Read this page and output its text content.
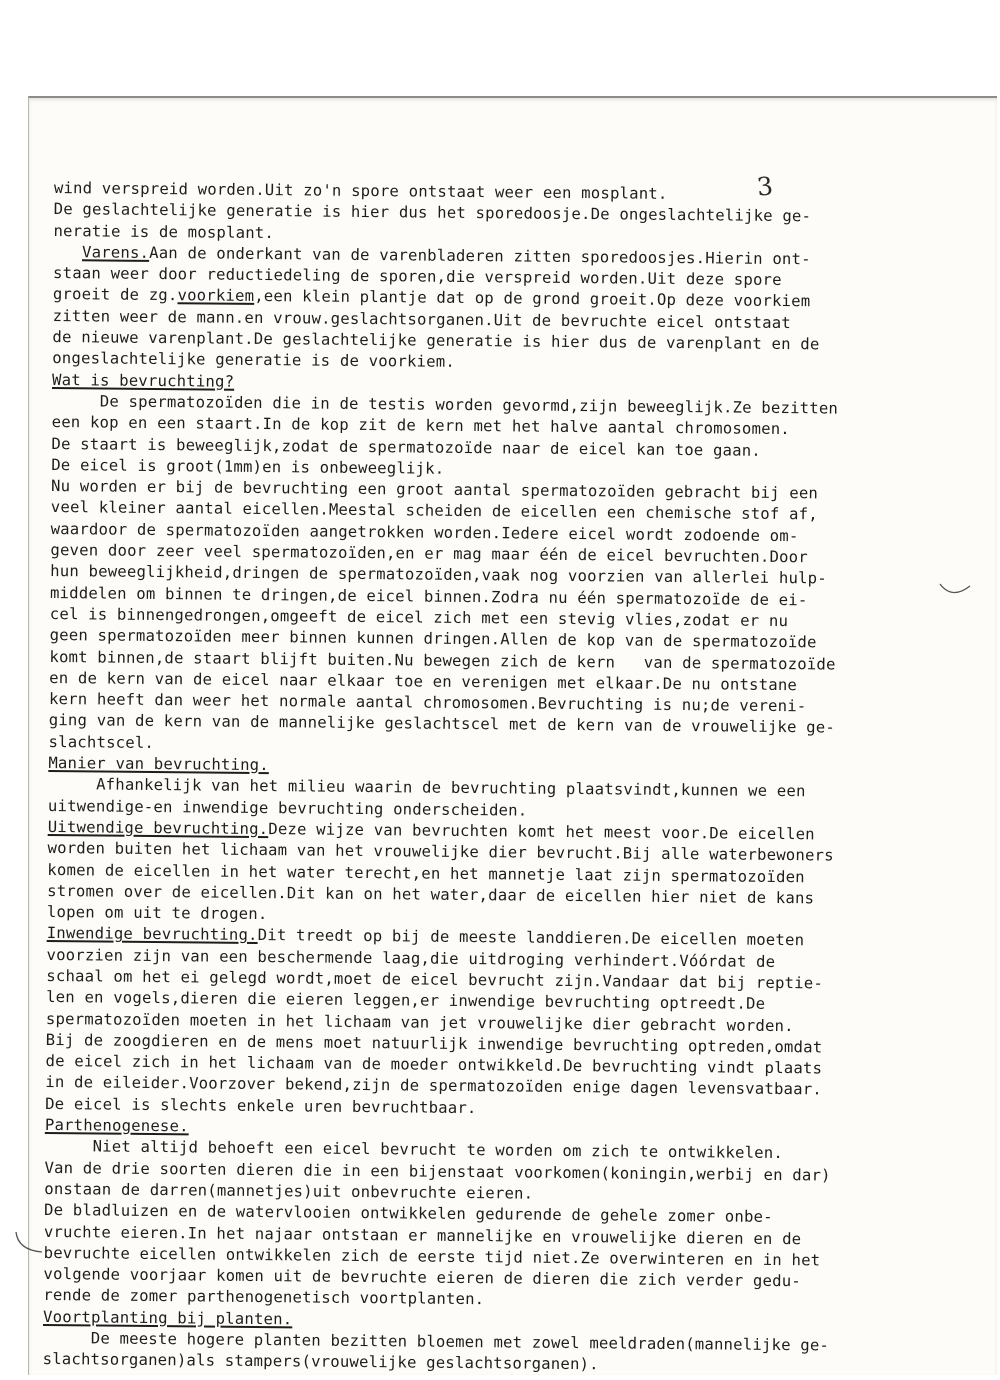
3
wind verspreid worden.Uit zo'n spore ontstaat weer een mosplant.
De geslachtelijke generatie is hier dus het sporedoosje.De ongeslachtelijke ge-
neratie is de mosplant.
Varens.Aan de onderkant van de varenbladeren zitten sporedoosjes.Hierin ont-
staan weer door reductiedeling de sporen,die verspreid worden.Uit deze spore
groeit de zg.voorkiem,een klein plantje dat op de grond groeit.Op deze voorkiem
zitten weer de mann.en vrouw.geslachtsorganen.Uit de bevruchte eicel ontstaat
de nieuwe varenplant.De geslachtelijke generatie is hier dus de varenplant en de
ongeslachtelijke generatie is de voorkiem.
Wat is bevruchting?
De spermatozoïden die in de testis worden gevormd,zijn beweeglijk.Ze bezitten
een kop en een staart.In de kop zit de kern met het halve aantal chromosomen.
De staart is beweeglijk,zodat de spermatozoïde naar de eicel kan toe gaan.
De eicel is groot(1mm)en is onbeweeglijk.
Nu worden er bij de bevruchting een groot aantal spermatozoïden gebracht bij een
veel kleiner aantal eicellen.Meestal scheiden de eicellen een chemische stof af,
waardoor de spermatozoïden aangetrokken worden.Iedere eicel wordt zodoende om-
geven door zeer veel spermatozoïden,en er mag maar één de eicel bevruchten.Door
hun beweeglijkheid,dringen de spermatozoïden,vaak nog voorzien van allerlei hulp-
middelen om binnen te dringen,de eicel binnen.Zodra nu één spermatozoïde de ei-
cel is binnengedrongen,omgeeft de eicel zich met een stevig vlies,zodat er nu
geen spermatozoïden meer binnen kunnen dringen.Allen de kop van de spermatozoïde
komt binnen,de staart blijft buiten.Nu bewegen zich de kern   van de spermatozoïde
en de kern van de eicel naar elkaar toe en verenigen met elkaar.De nu ontstane
kern heeft dan weer het normale aantal chromosomen.Bevruchting is nu;de vereni-
ging van de kern van de mannelijke geslachtscel met de kern van de vrouwelijke ge-
slachtscel.
Manier van bevruchting.
Afhankelijk van het milieu waarin de bevruchting plaatsvindt,kunnen we een
uitwendige-en inwendige bevruchting onderscheiden.
Uitwendige bevruchting.Deze wijze van bevruchten komt het meest voor.De eicellen
worden buiten het lichaam van het vrouwelijke dier bevrucht.Bij alle waterbewoners
komen de eicellen in het water terecht,en het mannetje laat zijn spermatozoïden
stromen over de eicellen.Dit kan on het water,daar de eicellen hier niet de kans
lopen om uit te drogen.
Inwendige bevruchting.Dit treedt op bij de meeste landdieren.De eicellen moeten
voorzien zijn van een beschermende laag,die uitdroging verhindert.Vóórdat de
schaal om het ei gelegd wordt,moet de eicel bevrucht zijn.Vandaar dat bij reptie-
len en vogels,dieren die eieren leggen,er inwendige bevruchting optreedt.De
spermatozoïden moeten in het lichaam van jet vrouwelijke dier gebracht worden.
Bij de zoogdieren en de mens moet natuurlijk inwendige bevruchting optreden,omdat
de eicel zich in het lichaam van de moeder ontwikkeld.De bevruchting vindt plaats
in de eileider.Voorzover bekend,zijn de spermatozoïden enige dagen levensvatbaar.
De eicel is slechts enkele uren bevruchtbaar.
Parthenogenese.
Niet altijd behoeft een eicel bevrucht te worden om zich te ontwikkelen.
Van de drie soorten dieren die in een bijenstaat voorkomen(koningin,werbij en dar)
onstaan de darren(mannetjes)uit onbevruchte eieren.
De bladluizen en de watervlooien ontwikkelen gedurende de gehele zomer onbe-
vruchte eieren.In het najaar ontstaan er mannelijke en vrouwelijke dieren en de
bevruchte eicellen ontwikkelen zich de eerste tijd niet.Ze overwinteren en in het
volgende voorjaar komen uit de bevruchte eieren de dieren die zich verder gedu-
rende de zomer parthenogenetisch voortplanten.
Voortplanting bij planten.
De meeste hogere planten bezitten bloemen met zowel meeldraden(mannelijke ge-
slachtsorganen)als stampers(vrouwelijke geslachtsorganen).
